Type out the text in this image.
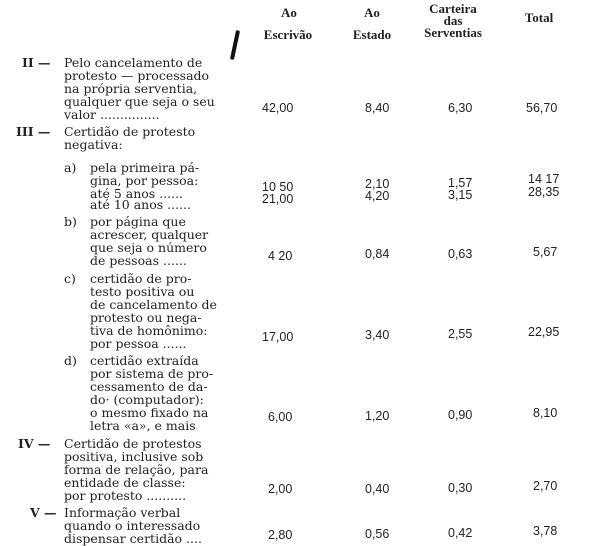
Ao
Escrivão
Ao
Estado
Carteira
das
Serventias
Total
II — Pelo cancelamento de
protesto — processado
na própria serventia,
qualquer que seja o seu
valor ...............	42,00	8,40	6,30	56,70
III — Certidão de protesto
negativa:
a) pela primeira pá-
gina, por pessoa:
até 5 anos ......
até 10 anos ......
10 50	2,10	1,57	14 17
21,00	4,20	3,15	28,35
b) por página que
acrescer, qualquer
que seja o número
de pessoas ......	4 20	0,84	0,63	5,67
c) certidão de pro-
testo positiva ou
de cancelamento de
protesto ou nega-
tiva de homônimo:
por pessoa ......	17,00	3,40	2,55	22,95
d) certidão extraída
por sistema de pro-
cessamento de da-
do· (computador):
o mesmo fixado na
letra «a», e mais
6,00	1,20	0,90	8,10
IV — Certidão de protestos
positiva, inclusive sob
forma de relação, para
entidade de classe:
por protesto ..........	2,00	0,40	0,30	2,70
V — Informação verbal
quando o interessado
dispensar certidão ....	2,80	0,56	0,42	3,78
